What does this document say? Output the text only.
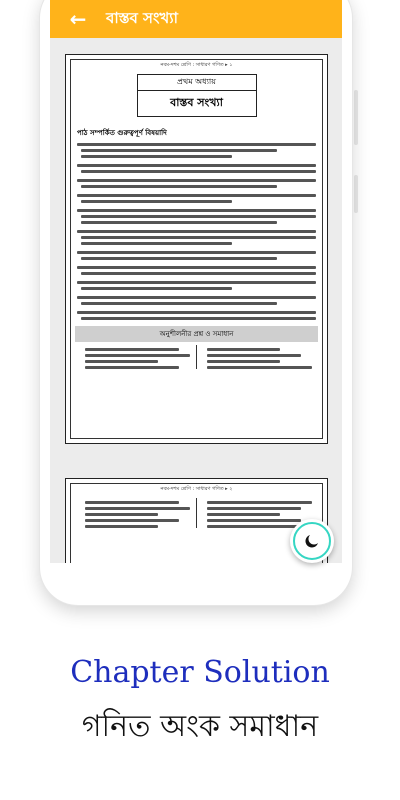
←	বাস্তব সংখ্যা
নবম-দশম শ্রেণি : সাধারণ গণিত ▸ ১
প্রথম অধ্যায়
বাস্তব সংখ্যা
পাঠ সম্পর্কিত গুরুত্বপূর্ণ বিষয়াদি
অনুশীলনীর প্রশ্ন ও সমাধান
নবম-দশম শ্রেণি : সাধারণ গণিত ▸ ২
Chapter Solution
গনিত অংক সমাধান
